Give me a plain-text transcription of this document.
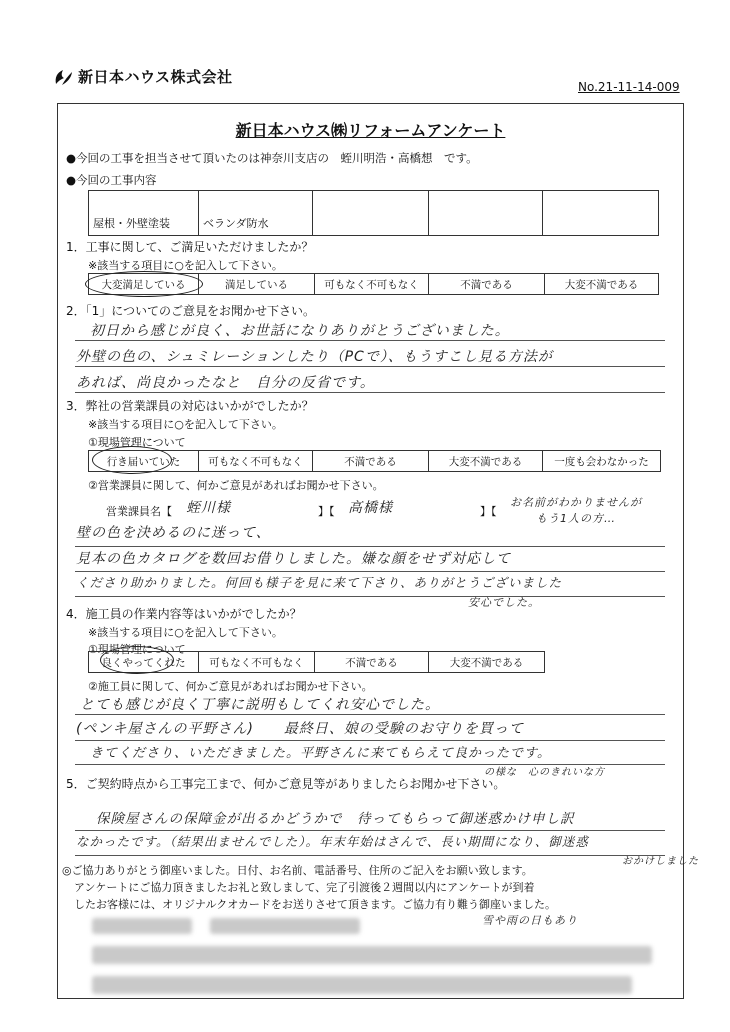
新日本ハウス株式会社
No.21-11-14-009
新日本ハウス㈱リフォームアンケート
●今回の工事を担当させて頂いたのは神奈川支店の　蛭川明浩・高橋想　です。
●今回の工事内容
屋根・外壁塗装	ベランダ防水			
1．工事に関して、ご満足いただけましたか？
※該当する項目に○を記入して下さい。
大変満足している	満足している	可もなく不可もなく	不満である	大変不満である
2．「1」についてのご意見をお聞かせ下さい。
初日から感じが良く、お世話になりありがとうございました。
外壁の色の、シュミレーションしたり（PCで）、もうすこし見る方法が
あれば、尚良かったなと　自分の反省です。
3．弊社の営業課員の対応はいかがでしたか？
※該当する項目に○を記入して下さい。
①現場管理について
行き届いていた	可もなく不可もなく	不満である	大変不満である	一度も会わなかった
②営業課員に関して、何かご意見があればお聞かせ下さい。
営業課員名【 蛭川様	】【 高橋様	】【
お名前がわかりませんが
もう1人の方…
壁の色を決めるのに迷って、
見本の色カタログを数回お借りしました。嫌な顔をせず対応して
くださり助かりました。何回も様子を見に来て下さり、ありがとうございました
安心でした。
4．施工員の作業内容等はいかがでしたか？
※該当する項目に○を記入して下さい。
①現場管理について
良くやってくれた	可もなく不可もなく	不満である	大変不満である
②施工員に関して、何かご意見があればお聞かせ下さい。
とても感じが良く丁寧に説明もしてくれ安心でした。
(ペンキ屋さんの平野さん)　　最終日、娘の受験のお守りを買って
きてくださり、いただきました。平野さんに来てもらえて良かったです。
の様な　心のきれいな方
5．ご契約時点から工事完工まで、何かご意見等がありましたらお聞かせ下さい。
保険屋さんの保障金が出るかどうかで　待ってもらって御迷惑かけ申し訳
なかったです。（結果出ませんでした）。年末年始はさんで、長い期間になり、御迷惑
おかけしました
◎ご協力ありがとう御座いました。日付、お名前、電話番号、住所のご記入をお願い致します。
アンケートにご協力頂きましたお礼と致しまして、完了引渡後２週間以内にアンケートが到着
したお客様には、オリジナルクオカードをお送りさせて頂きます。ご協力有り難う御座いました。
雪や雨の日もあり
